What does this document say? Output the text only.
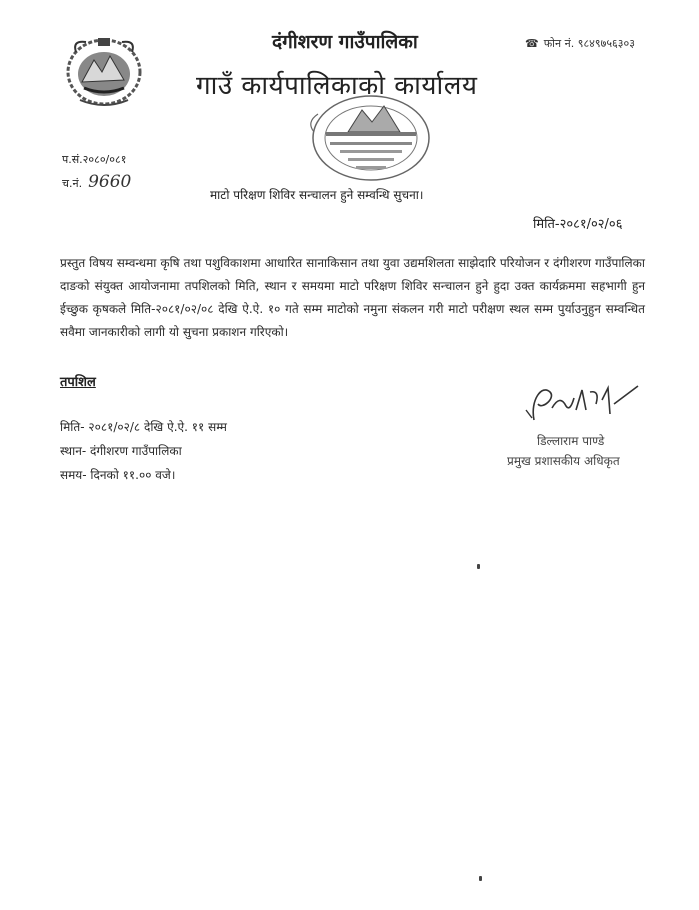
दंगीशरण गाउँपालिका
गाउँ कार्यपालिकाको कार्यालय
☎ फोन नं. ९८४९७५६३०३
प.सं.२०८०/०८१
च.नं. 9660
माटो परिक्षण शिविर सन्चालन हुने सम्वन्धि सुचना।
मिति-२०८१/०२/०६
प्रस्तुत विषय सम्वन्धमा कृषि तथा पशुविकाशमा आधारित सानाकिसान तथा युवा उद्यमशिलता साझेदारि परियोजन र दंगीशरण गाउँपालिका दाङको संयुक्त आयोजनामा तपशिलको मिति, स्थान र समयमा माटो परिक्षण शिविर सन्चालन हुने हुदा उक्त कार्यक्रममा सहभागी हुन ईच्छुक कृषकले मिति-२०८१/०२/०८ देखि ऐ.ऐ. १० गते सम्म माटोको नमुना संकलन गरी माटो परीक्षण स्थल सम्म पुर्याउनुहुन सम्वन्धित सवैमा जानकारीको लागी यो सुचना प्रकाशन गरिएको।
तपशिल
मिति- २०८१/०२/८ देखि ऐ.ऐ. ११ सम्म
स्थान- दंगीशरण गाउँपालिका
समय- दिनको ११.०० वजे।
डिल्लाराम पाण्डे
प्रमुख प्रशासकीय अधिकृत
